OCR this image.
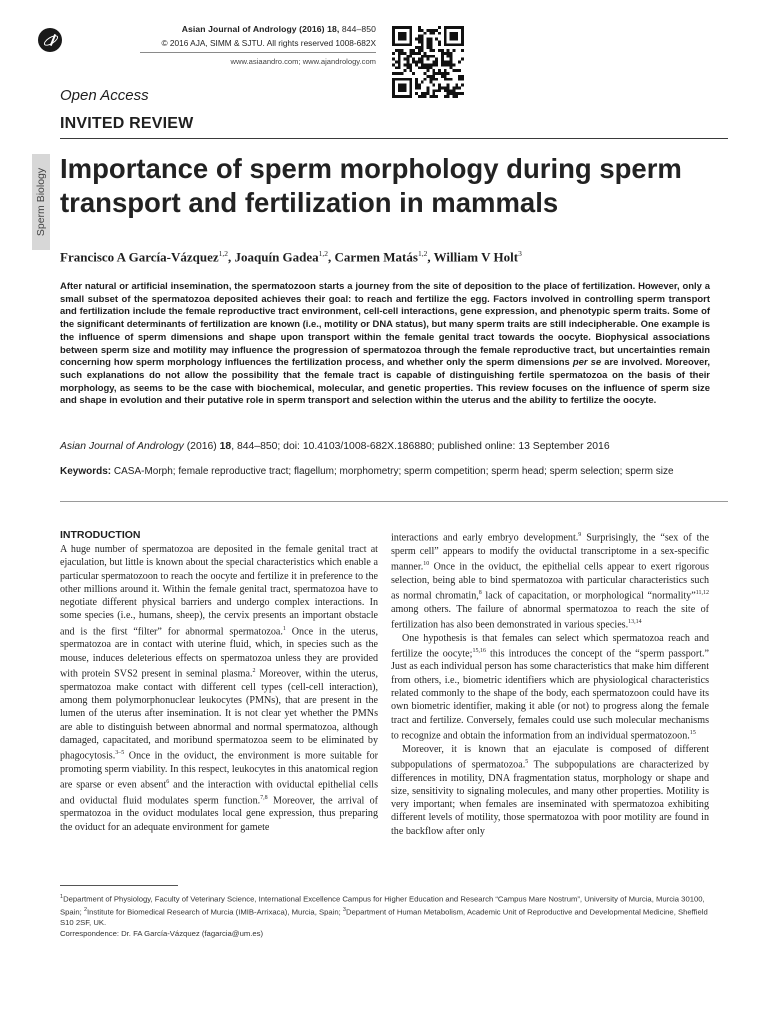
Asian Journal of Andrology (2016) 18, 844–850
© 2016 AJA, SIMM & SJTU. All rights reserved 1008-682X
www.asiaandro.com; www.ajandrology.com
Open Access
INVITED REVIEW
Sperm Biology Importance of sperm morphology during sperm transport and fertilization in mammals

Francisco A García-Vázquez$^{1,2}$, Joaquín Gadea$^{1,2}$, Carmen Matás$^{1,2}$, William V Holt$^3$

After natural or artificial insemination, the spermatozoon starts a journey from the site of deposition to the place of fertilization. However, only a small subset of the spermatozoa deposited achieves their goal: to reach and fertilize the egg. Factors involved in controlling sperm transport and fertilization include the female reproductive tract environment, cell-cell interactions, gene expression, and phenotypic sperm traits. Some of the significant determinants of fertilization are known (i.e., motility or DNA status), but many sperm traits are still indecipherable. One example is the influence of sperm dimensions and shape upon transport within the female genital tract towards the oocyte. Biophysical associations between sperm size and motility may influence the progression of spermatozoa through the female reproductive tract, but uncertainties remain concerning how sperm morphology influences the fertilization process, and whether only the sperm dimensions per se are involved. Moreover, such explanations do not allow the possibility that the female tract is capable of distinguishing fertile spermatozoa on the basis of their morphology, as seems to be the case with biochemical, molecular, and genetic properties. This review focuses on the influence of sperm size and shape in evolution and their putative role in sperm transport and selection within the uterus and the ability to fertilize the oocyte.

Asian Journal of Andrology (2016) 18, 844–850; doi: 10.4103/1008-682X.186880; published online: 13 September 2016

Keywords: CASA-Morph; female reproductive tract; flagellum; morphometry; sperm competition; sperm head; sperm selection; sperm size

INTRODUCTION

A huge number of spermatozoa are deposited in the female genital tract at ejaculation, but little is known about the special characteristics which enable a particular spermatozoon to reach the oocyte and fertilize it in preference to the other millions around it. Within the female genital tract, spermatozoa have to negotiate different physical barriers and undergo complex interactions. In some species (i.e., humans, sheep), the cervix presents an important obstacle and is the first “filter” for abnormal spermatozoa.$^1$ Once in the uterus, spermatozoa are in contact with uterine fluid, which, in species such as the mouse, induces deleterious effects on spermatozoa unless they are provided with protein SVS2 present in seminal plasma.$^2$ Moreover, within the uterus, spermatozoa make contact with different cell types (cell-cell interaction), among them polymorphonuclear leukocytes (PMNs), that are present in the lumen of the uterus after insemination. It is not clear yet whether the PMNs are able to distinguish between abnormal and normal spermatozoa, although damaged, capacitated, and moribund spermatozoa seem to be eliminated by phagocytosis.$^{3-5}$ Once in the oviduct, the environment is more suitable for promoting sperm viability. In this respect, leukocytes in this anatomical region are sparse or even absent$^6$ and the interaction with oviductal epithelial cells and oviductal fluid modulates sperm function.$^{7,8}$ Moreover, the arrival of spermatozoa in the oviduct modulates local gene expression, thus preparing the oviduct for an adequate environment for gamete

interactions and early embryo development.$^9$ Surprisingly, the “sex of the sperm cell” appears to modify the oviductal transcriptome in a sex-specific manner.$^{10}$ Once in the oviduct, the epithelial cells appear to exert rigorous selection, being able to bind spermatozoa with particular characteristics such as normal chromatin,$^8$ lack of capacitation, or morphological “normality”$^{11,12}$ among others. The failure of abnormal spermatozoa to reach the site of fertilization has also been demonstrated in various species.$^{13,14}$

One hypothesis is that females can select which spermatozoa reach and fertilize the oocyte;$^{15,16}$ this introduces the concept of the “sperm passport.” Just as each individual person has some characteristics that make him different from others, i.e., biometric identifiers which are physiological characteristics related commonly to the shape of the body, each spermatozoon could have its own biometric identifier, making it able (or not) to progress along the female tract and fertilize. Conversely, females could use such molecular mechanisms to recognize and obtain the information from an individual spermatozoon.$^{15}$

Moreover, it is known that an ejaculate is composed of different subpopulations of spermatozoa.$^5$ The subpopulations are characterized by differences in motility, DNA fragmentation status, morphology or shape and size, sensitivity to signaling molecules, and many other properties. Motility is very important; when females are inseminated with spermatozoa exhibiting different levels of motility, those spermatozoa with poor motility are found in the backflow after only

$^1$Department of Physiology, Faculty of Veterinary Science, International Excellence Campus for Higher Education and Research “Campus Mare Nostrum”, University of Murcia, Murcia 30100, Spain; $^2$Institute for Biomedical Research of Murcia (IMIB-Arrixaca), Murcia, Spain; $^3$Department of Human Metabolism, Academic Unit of Reproductive and Developmental Medicine, Sheffield S10 2SF, UK.

Correspondence: Dr. FA García-Vázquez (fagarcia@um.es)
